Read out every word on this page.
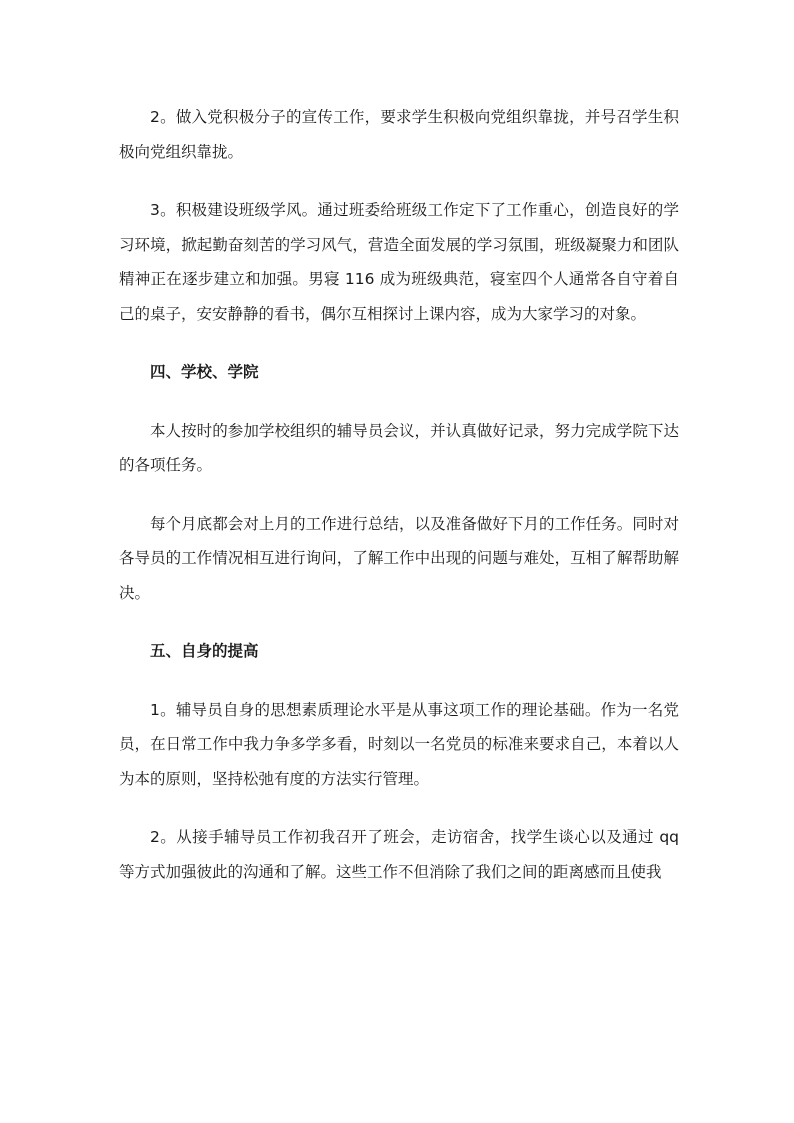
2。做入党积极分子的宣传工作，要求学生积极向党组织靠拢，并号召学生积极向党组织靠拢。

3。积极建设班级学风。通过班委给班级工作定下了工作重心，创造良好的学习环境，掀起勤奋刻苦的学习风气，营造全面发展的学习氛围，班级凝聚力和团队精神正在逐步建立和加强。男寝 116 成为班级典范，寝室四个人通常各自守着自己的桌子，安安静静的看书，偶尔互相探讨上课内容，成为大家学习的对象。

四、学校、学院

本人按时的参加学校组织的辅导员会议，并认真做好记录，努力完成学院下达的各项任务。

每个月底都会对上月的工作进行总结，以及准备做好下月的工作任务。同时对各导员的工作情况相互进行询问，了解工作中出现的问题与难处，互相了解帮助解决。

五、自身的提高

1。辅导员自身的思想素质理论水平是从事这项工作的理论基础。作为一名党员，在日常工作中我力争多学多看，时刻以一名党员的标准来要求自己，本着以人为本的原则，坚持松弛有度的方法实行管理。

2。从接手辅导员工作初我召开了班会，走访宿舍，找学生谈心以及通过 qq 等方式加强彼此的沟通和了解。这些工作不但消除了我们之间的距离感而且使我
